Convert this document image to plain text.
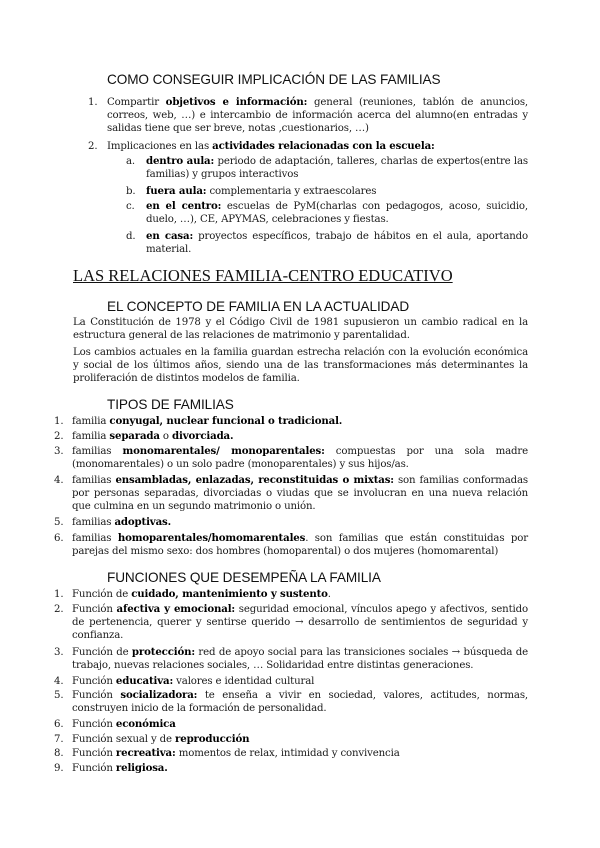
COMO CONSEGUIR IMPLICACIÓN DE LAS FAMILIAS
1. Compartir objetivos e información: general (reuniones, tablón de anuncios, correos, web, …) e intercambio de información acerca del alumno(en entradas y salidas tiene que ser breve, notas ,cuestionarios, …)
2. Implicaciones en las actividades relacionadas con la escuela:
a. dentro aula: periodo de adaptación, talleres, charlas de expertos(entre las familias) y grupos interactivos
b. fuera aula: complementaria y extraescolares
c. en el centro: escuelas de PyM(charlas con pedagogos, acoso, suicidio, duelo, …), CE, APYMAS, celebraciones y fiestas.
d. en casa: proyectos específicos, trabajo de hábitos en el aula, aportando material.
LAS RELACIONES FAMILIA-CENTRO EDUCATIVO
EL CONCEPTO DE FAMILIA EN LA ACTUALIDAD
La Constitución de 1978 y el Código Civil de 1981 supusieron un cambio radical en la estructura general de las relaciones de matrimonio y parentalidad.
Los cambios actuales en la familia guardan estrecha relación con la evolución económica y social de los últimos años, siendo una de las transformaciones más determinantes la proliferación de distintos modelos de familia.
TIPOS DE FAMILIAS
1. familia conyugal, nuclear funcional o tradicional.
2. familia separada o divorciada.
3. familias monomarentales/ monoparentales: compuestas por una sola madre (monomarentales) o un solo padre (monoparentales) y sus hijos/as.
4. familias ensambladas, enlazadas, reconstituidas o mixtas: son familias conformadas por personas separadas, divorciadas o viudas que se involucran en una nueva relación que culmina en un segundo matrimonio o unión.
5. familias adoptivas.
6. familias homoparentales/homomarentales. son familias que están constituidas por parejas del mismo sexo: dos hombres (homoparental) o dos mujeres (homomarental)
FUNCIONES QUE DESEMPEÑA LA FAMILIA
1. Función de cuidado, mantenimiento y sustento.
2. Función afectiva y emocional: seguridad emocional, vínculos apego y afectivos, sentido de pertenencia, querer y sentirse querido → desarrollo de sentimientos de seguridad y confianza.
3. Función de protección: red de apoyo social para las transiciones sociales → búsqueda de trabajo, nuevas relaciones sociales, … Solidaridad entre distintas generaciones.
4. Función educativa: valores e identidad cultural
5. Función socializadora: te enseña a vivir en sociedad, valores, actitudes, normas, construyen inicio de la formación de personalidad.
6. Función económica
7. Función sexual y de reproducción
8. Función recreativa: momentos de relax, intimidad y convivencia
9. Función religiosa.
